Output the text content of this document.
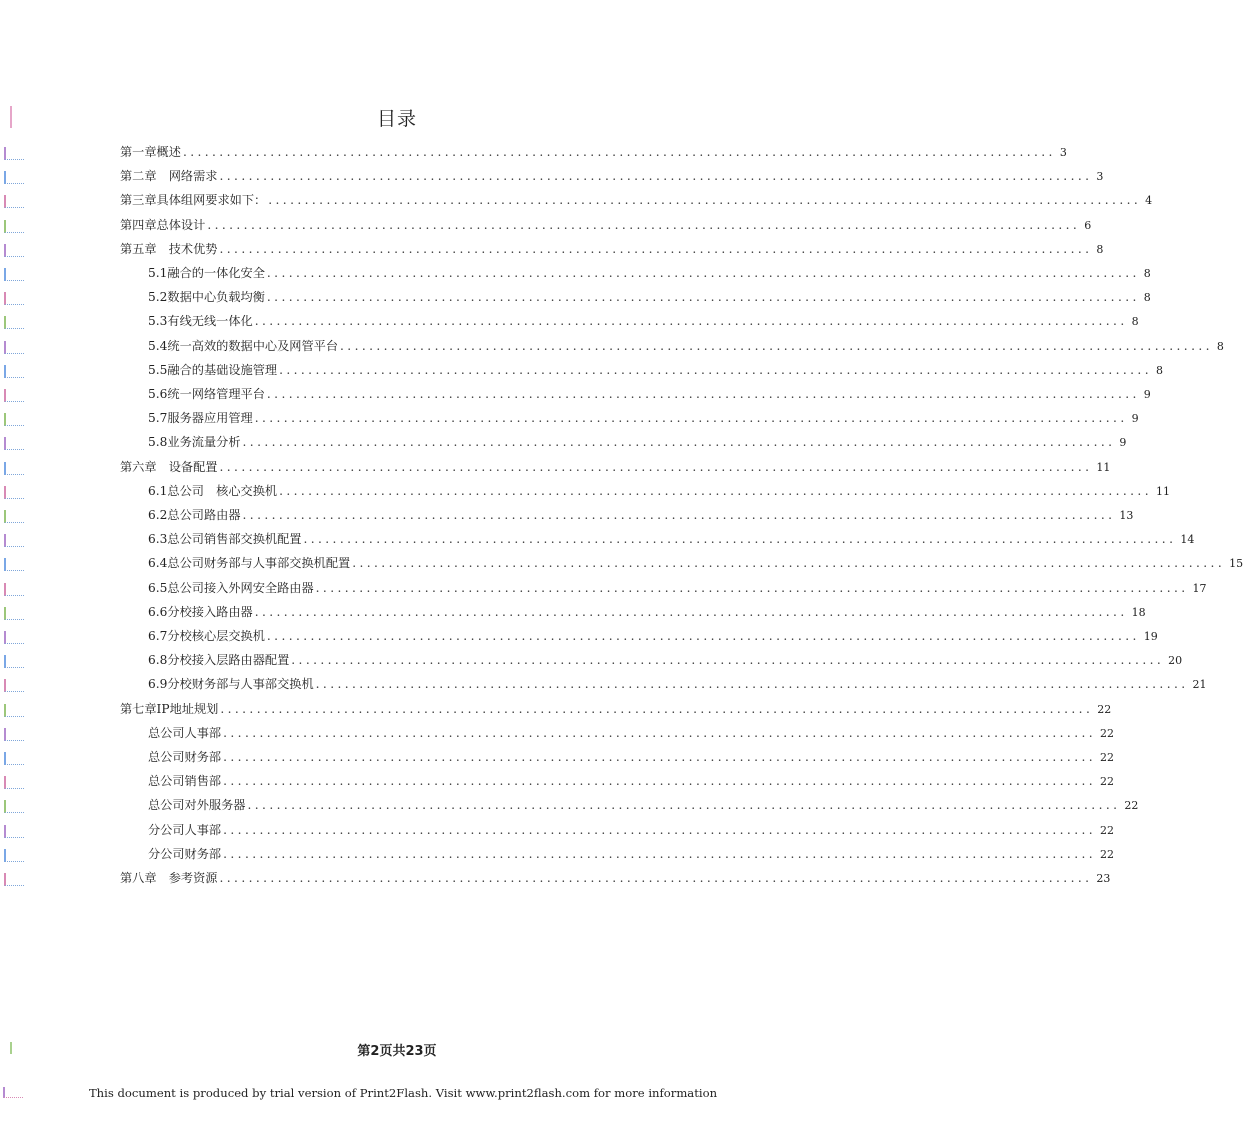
目录
第一章概述 ........................................................................................................................ 3
第二章　网络需求 ........................................................................................................................ 3
第三章具体组网要求如下： ........................................................................................................................ 4
第四章总体设计 ........................................................................................................................ 6
第五章　技术优势 ........................................................................................................................ 8
5.1融合的一体化安全 ........................................................................................................................ 8
5.2数据中心负载均衡 ........................................................................................................................ 8
5.3有线无线一体化 ........................................................................................................................ 8
5.4统一高效的数据中心及网管平台 ........................................................................................................................ 8
5.5融合的基础设施管理 ........................................................................................................................ 8
5.6统一网络管理平台 ........................................................................................................................ 9
5.7服务器应用管理 ........................................................................................................................ 9
5.8业务流量分析 ........................................................................................................................ 9
第六章　设备配置 ........................................................................................................................ 11
6.1总公司　核心交换机 ........................................................................................................................ 11
6.2总公司路由器 ........................................................................................................................ 13
6.3总公司销售部交换机配置 ........................................................................................................................ 14
6.4总公司财务部与人事部交换机配置 ........................................................................................................................ 15
6.5总公司接入外网安全路由器 ........................................................................................................................ 17
6.6分校接入路由器 ........................................................................................................................ 18
6.7分校核心层交换机 ........................................................................................................................ 19
6.8分校接入层路由器配置 ........................................................................................................................ 20
6.9分校财务部与人事部交换机 ........................................................................................................................ 21
第七章IP地址规划 ........................................................................................................................ 22
总公司人事部 ........................................................................................................................ 22
总公司财务部 ........................................................................................................................ 22
总公司销售部 ........................................................................................................................ 22
总公司对外服务器 ........................................................................................................................ 22
分公司人事部 ........................................................................................................................ 22
分公司财务部 ........................................................................................................................ 22
第八章　参考资源 ........................................................................................................................ 23
第2页共23页
This document is produced by trial version of Print2Flash. Visit www.print2flash.com for more information
